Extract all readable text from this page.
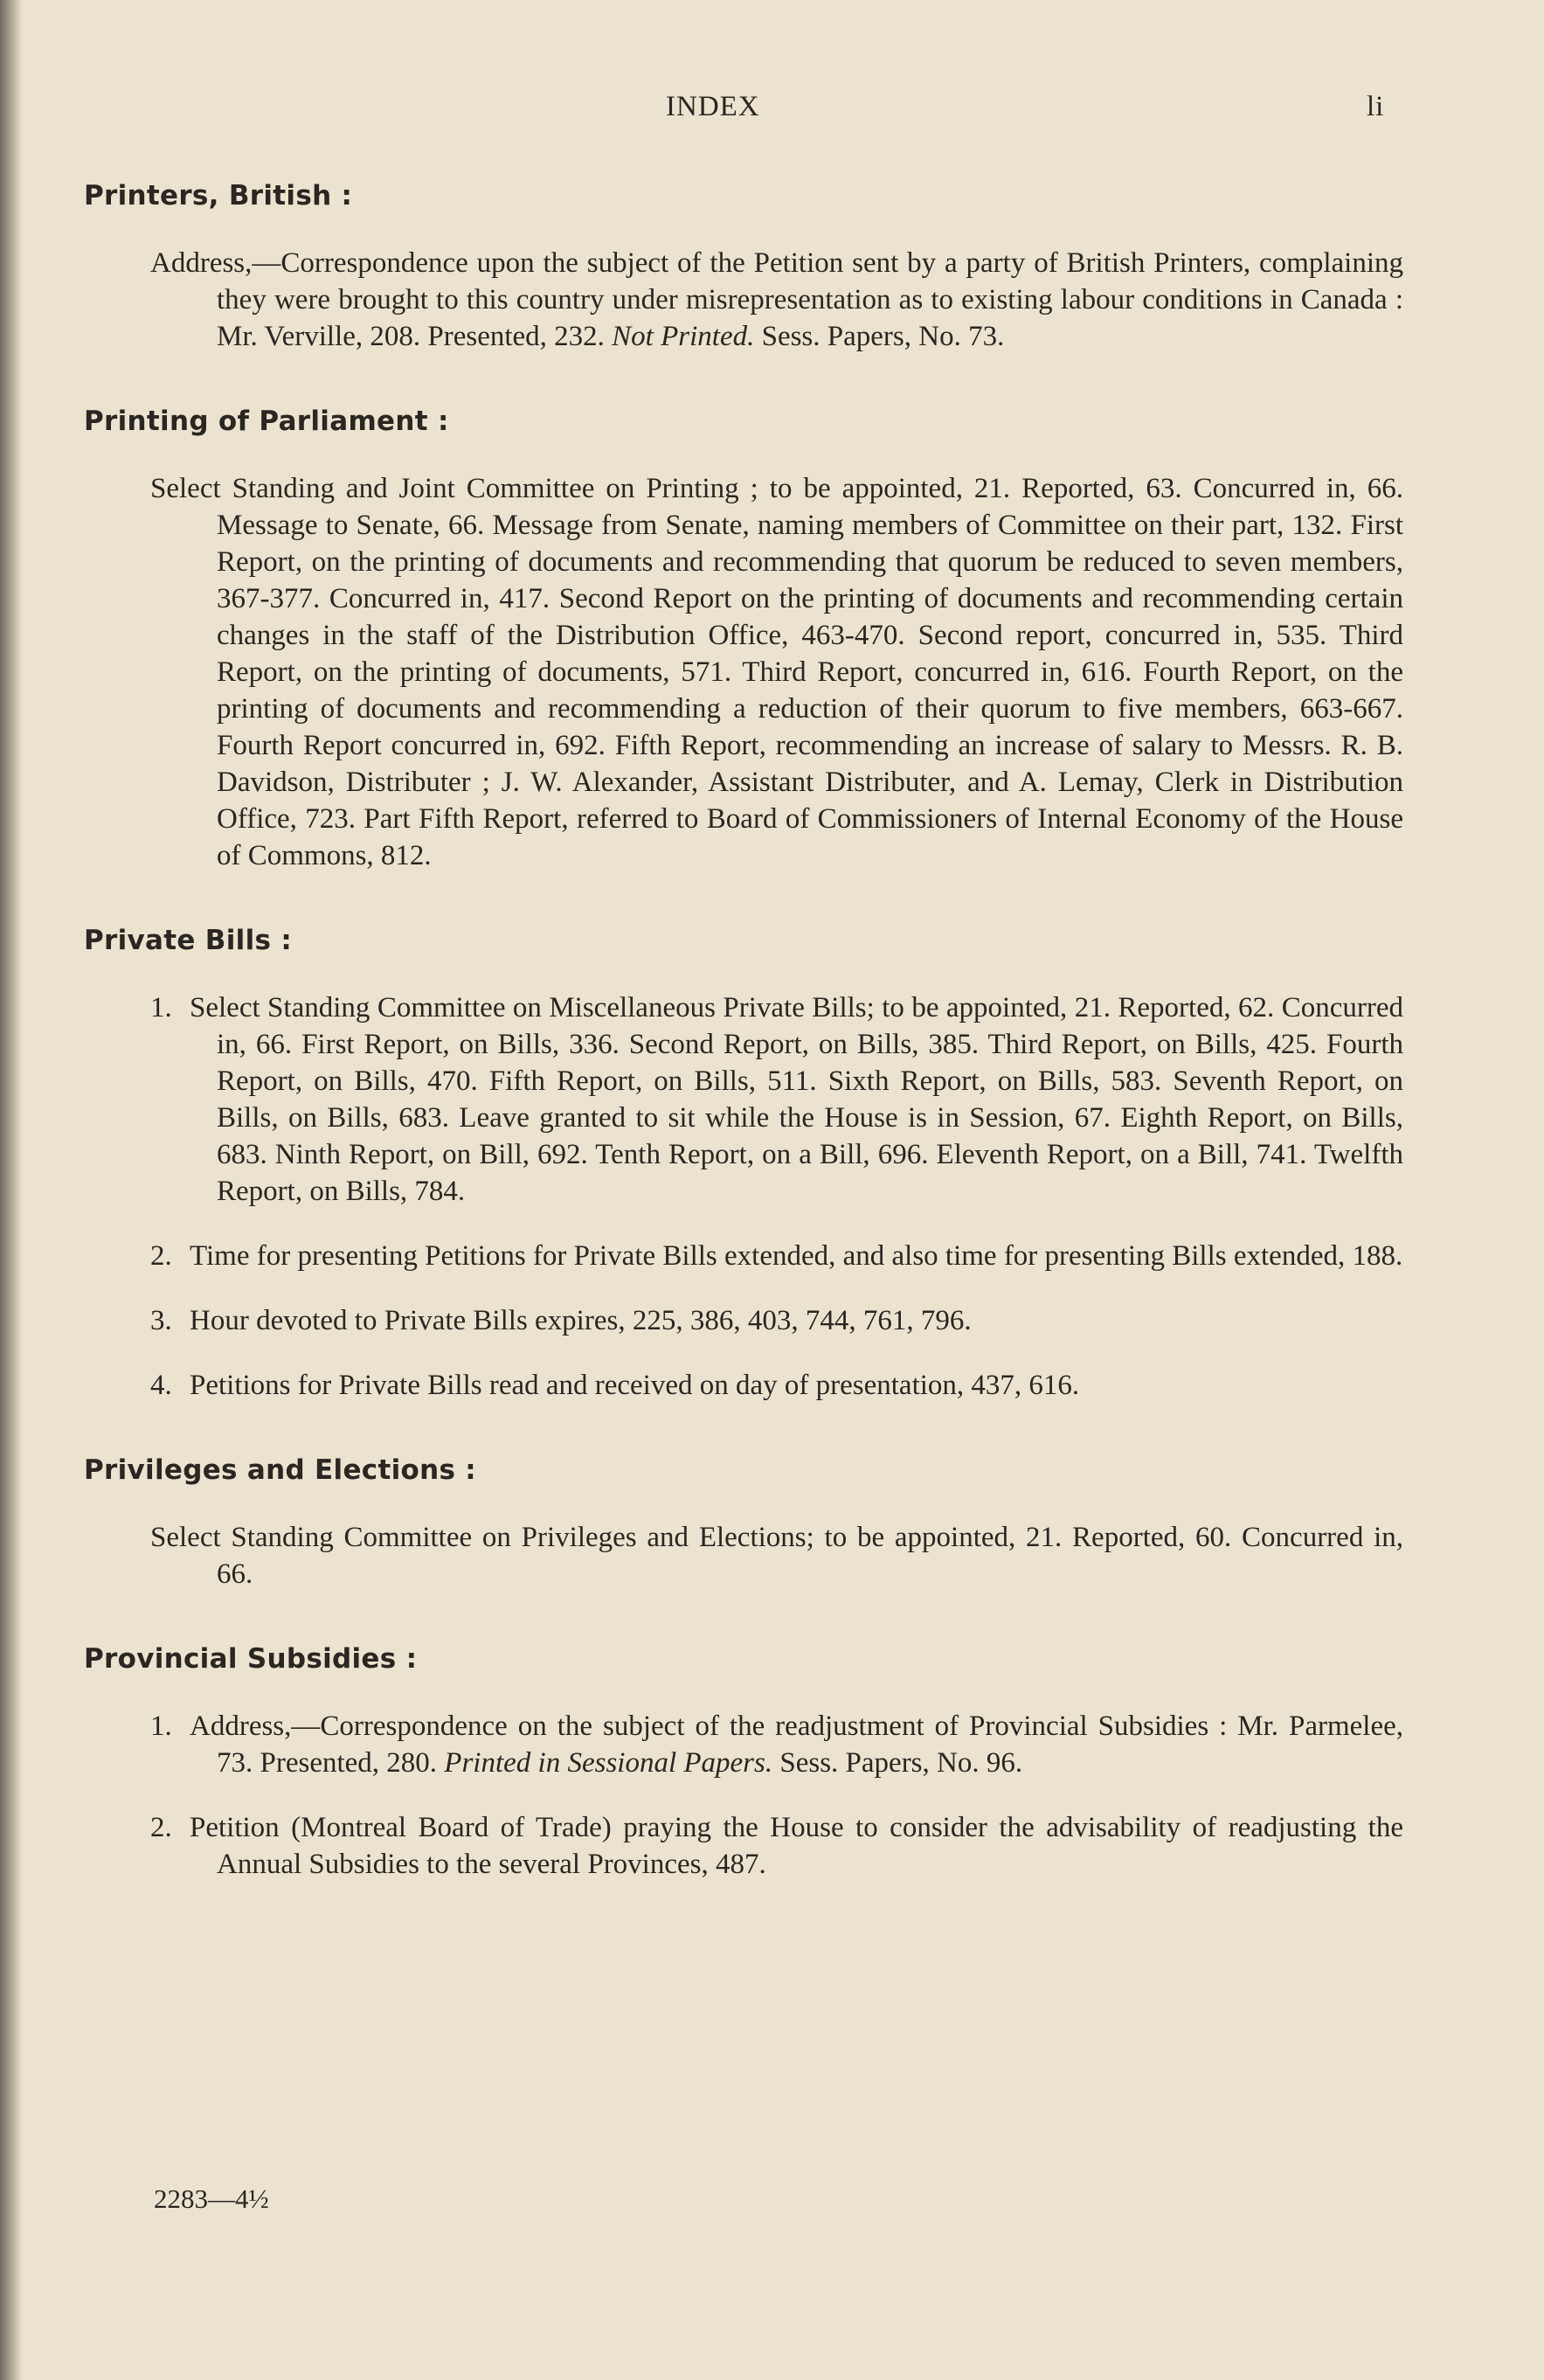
INDEX	li
Printers, British :

Address,—Correspondence upon the subject of the Petition sent by a party of British Printers, complaining they were brought to this country under misrepresentation as to existing labour conditions in Canada : Mr. Verville, 208. Presented, 232. Not Printed. Sess. Papers, No. 73.

Printing of Parliament :

Select Standing and Joint Committee on Printing ; to be appointed, 21. Reported, 63. Concurred in, 66. Message to Senate, 66. Message from Senate, naming members of Committee on their part, 132. First Report, on the printing of documents and recommending that quorum be reduced to seven members, 367-377. Concurred in, 417. Second Report on the printing of documents and recommending certain changes in the staff of the Distribution Office, 463-470. Second report, concurred in, 535. Third Report, on the printing of documents, 571. Third Report, concurred in, 616. Fourth Report, on the printing of documents and recommending a reduction of their quorum to five members, 663-667. Fourth Report concurred in, 692. Fifth Report, recommending an increase of salary to Messrs. R. B. Davidson, Distributer ; J. W. Alexander, Assistant Distributer, and A. Lemay, Clerk in Distribution Office, 723. Part Fifth Report, referred to Board of Commissioners of Internal Economy of the House of Commons, 812.

Private Bills :

1. Select Standing Committee on Miscellaneous Private Bills; to be appointed, 21. Reported, 62. Concurred in, 66. First Report, on Bills, 336. Second Report, on Bills, 385. Third Report, on Bills, 425. Fourth Report, on Bills, 470. Fifth Report, on Bills, 511. Sixth Report, on Bills, 583. Seventh Report, on Bills, on Bills, 683. Leave granted to sit while the House is in Session, 67. Eighth Report, on Bills, 683. Ninth Report, on Bill, 692. Tenth Report, on a Bill, 696. Eleventh Report, on a Bill, 741. Twelfth Report, on Bills, 784.

2. Time for presenting Petitions for Private Bills extended, and also time for presenting Bills extended, 188.

3. Hour devoted to Private Bills expires, 225, 386, 403, 744, 761, 796.

4. Petitions for Private Bills read and received on day of presentation, 437, 616.

Privileges and Elections :

Select Standing Committee on Privileges and Elections; to be appointed, 21. Reported, 60. Concurred in, 66.

Provincial Subsidies :

1. Address,—Correspondence on the subject of the readjustment of Provincial Subsidies : Mr. Parmelee, 73. Presented, 280. Printed in Sessional Papers. Sess. Papers, No. 96.

2. Petition (Montreal Board of Trade) praying the House to consider the advisability of readjusting the Annual Subsidies to the several Provinces, 487.

2283—4½
